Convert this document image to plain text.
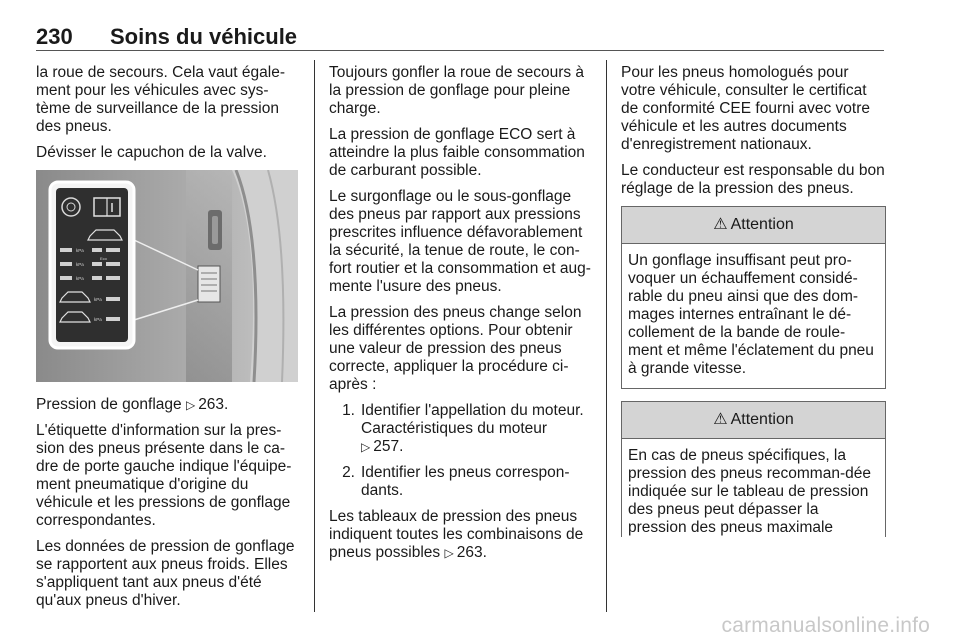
230 Soins du véhicule

la roue de secours. Cela vaut égale-ment pour les véhicules avec sys-tème de surveillance de la pression des pneus.

Dévisser le capuchon de la valve.

kPa
kPa
Eco
kPa
kPa
kPa

Pression de gonflage ▷ 263.

L'étiquette d'information sur la pres-sion des pneus présente dans le ca-dre de porte gauche indique l'équipe-ment pneumatique d'origine du véhicule et les pressions de gonflage correspondantes.

Les données de pression de gonflage se rapportent aux pneus froids. Elles s'appliquent tant aux pneus d'été qu'aux pneus d'hiver.

Toujours gonfler la roue de secours à la pression de gonflage pour pleine charge.

La pression de gonflage ECO sert à atteindre la plus faible consommation de carburant possible.

Le surgonflage ou le sous-gonflage des pneus par rapport aux pressions prescrites influence défavorablement la sécurité, la tenue de route, le con-fort routier et la consommation et aug-mente l'usure des pneus.

La pression des pneus change selon les différentes options. Pour obtenir une valeur de pression des pneus correcte, appliquer la procédure ci-après :

1. Identifier l'appellation du moteur. Caractéristiques du moteur
▷ 257.
2. Identifier les pneus correspon-dants.

Les tableaux de pression des pneus indiquent toutes les combinaisons de pneus possibles ▷ 263.

Pour les pneus homologués pour votre véhicule, consulter le certificat de conformité CEE fourni avec votre véhicule et les autres documents d'enregistrement nationaux.

Le conducteur est responsable du bon réglage de la pression des pneus.

⚠ Attention
Un gonflage insuffisant peut pro-voquer un échauffement considé-rable du pneu ainsi que des dom-mages internes entraînant le dé-collement de la bande de roule-ment et même l'éclatement du pneu à grande vitesse.
⚠ Attention
En cas de pneus spécifiques, la pression des pneus recomman-dée indiquée sur le tableau de pression des pneus peut dépasser la pression des pneus maximale
carmanualsonline.info
